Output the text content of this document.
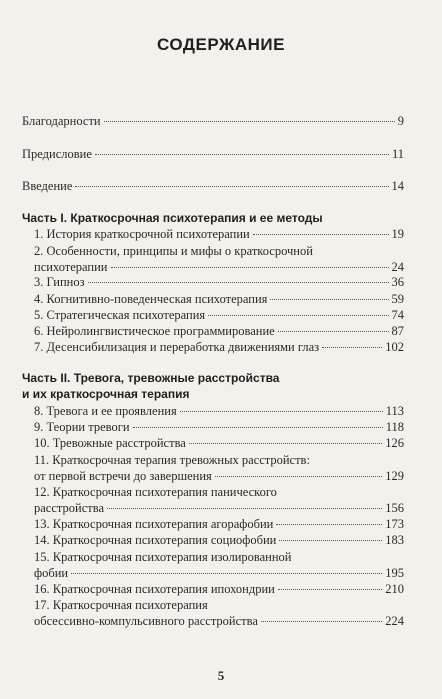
СОДЕРЖАНИЕ
Благодарности	9
Предисловие	11
Введение	14
Часть I. Краткосрочная психотерапия и ее методы
1. История краткосрочной психотерапии	19
2. Особенности, принципы и мифы о краткосрочной
психотерапии	24
3. Гипноз	36
4. Когнитивно-поведенческая психотерапия	59
5. Стратегическая психотерапия	74
6. Нейролингвистическое программирование	87
7. Десенсибилизация и переработка движениями глаз	102
Часть II. Тревога, тревожные расстройства
и их краткосрочная терапия
8. Тревога и ее проявления	113
9. Теории тревоги	118
10. Тревожные расстройства	126
11. Краткосрочная терапия тревожных расстройств:
от первой встречи до завершения	129
12. Краткосрочная психотерапия панического
расстройства	156
13. Краткосрочная психотерапия агорафобии	173
14. Краткосрочная психотерапия социофобии	183
15. Краткосрочная психотерапия изолированной
фобии	195
16. Краткосрочная психотерапия ипохондрии	210
17. Краткосрочная психотерапия
обсессивно-компульсивного расстройства	224
5
